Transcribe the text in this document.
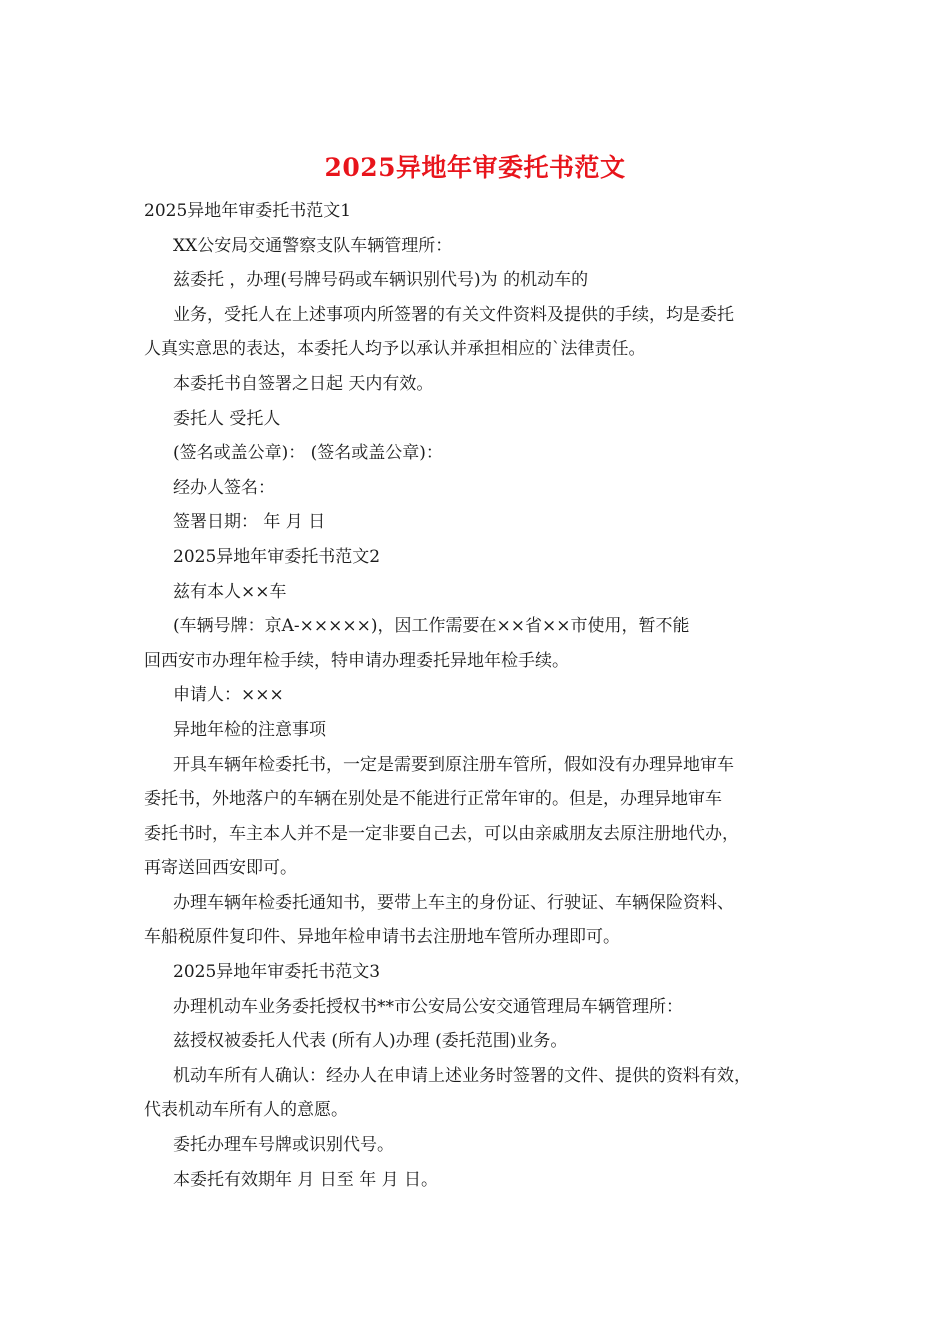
2025异地年审委托书范文
2025异地年审委托书范文1
XX公安局交通警察支队车辆管理所：
兹委托 ，办理(号牌号码或车辆识别代号)为 的机动车的
业务，受托人在上述事项内所签署的有关文件资料及提供的手续，均是委托
人真实意思的表达，本委托人均予以承认并承担相应的`法律责任。
本委托书自签署之日起 天内有效。
委托人 受托人
(签名或盖公章)： (签名或盖公章)：
经办人签名：
签署日期： 年 月 日
2025异地年审委托书范文2
兹有本人××车
(车辆号牌：京A-×××××)，因工作需要在××省××市使用，暂不能
回西安市办理年检手续，特申请办理委托异地年检手续。
申请人：×××
异地年检的注意事项
开具车辆年检委托书，一定是需要到原注册车管所，假如没有办理异地审车
委托书，外地落户的车辆在别处是不能进行正常年审的。但是，办理异地审车
委托书时，车主本人并不是一定非要自己去，可以由亲戚朋友去原注册地代办，
再寄送回西安即可。
办理车辆年检委托通知书，要带上车主的身份证、行驶证、车辆保险资料、
车船税原件复印件、异地年检申请书去注册地车管所办理即可。
2025异地年审委托书范文3
办理机动车业务委托授权书**市公安局公安交通管理局车辆管理所：
兹授权被委托人代表 (所有人)办理 (委托范围)业务。
机动车所有人确认：经办人在申请上述业务时签署的文件、提供的资料有效，
代表机动车所有人的意愿。
委托办理车号牌或识别代号。
本委托有效期年 月 日至 年 月 日。
